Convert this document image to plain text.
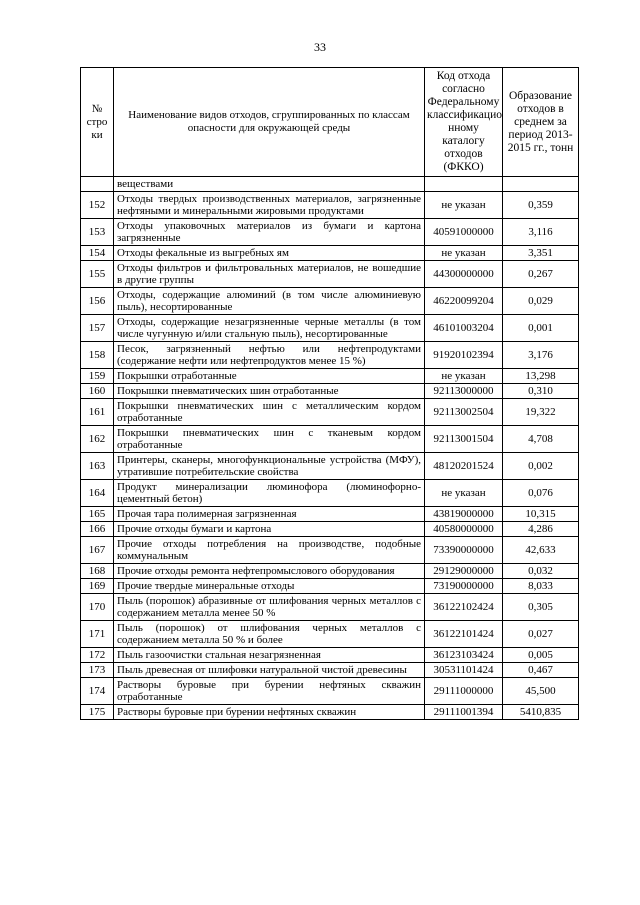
33
№ стро ки	Наименование видов отходов, сгруппированных по классам опасности для окружающей среды	Код отхода согласно Федеральному классификацио нному каталогу отходов (ФККО)	Образование отходов в среднем за период 2013-2015 гг., тонн
	веществами		
152	Отходы твердых производственных материалов, загрязненные нефтяными и минеральными жировыми продуктами	не указан	0,359
153	Отходы упаковочных материалов из бумаги и картона загрязненные	40591000000	3,116
154	Отходы фекальные из выгребных ям	не указан	3,351
155	Отходы фильтров и фильтровальных материалов, не вошедшие в другие группы	44300000000	0,267
156	Отходы, содержащие алюминий (в том числе алюминиевую пыль), несортированные	46220099204	0,029
157	Отходы, содержащие незагрязненные черные металлы (в том числе чугунную и/или стальную пыль), несортированные	46101003204	0,001
158	Песок, загрязненный нефтью или нефтепродуктами (содержание нефти или нефтепродуктов менее 15 %)	91920102394	3,176
159	Покрышки отработанные	не указан	13,298
160	Покрышки пневматических шин отработанные	92113000000	0,310
161	Покрышки пневматических шин с металлическим кордом отработанные	92113002504	19,322
162	Покрышки пневматических шин с тканевым кордом отработанные	92113001504	4,708
163	Принтеры, сканеры, многофункциональные устройства (МФУ), утратившие потребительские свойства	48120201524	0,002
164	Продукт минерализации люминофора (люминофорно-цементный бетон)	не указан	0,076
165	Прочая тара полимерная загрязненная	43819000000	10,315
166	Прочие отходы бумаги и картона	40580000000	4,286
167	Прочие отходы потребления на производстве, подобные коммунальным	73390000000	42,633
168	Прочие отходы ремонта нефтепромыслового оборудования	29129000000	0,032
169	Прочие твердые минеральные отходы	73190000000	8,033
170	Пыль (порошок) абразивные от шлифования черных металлов с содержанием металла менее 50 %	36122102424	0,305
171	Пыль (порошок) от шлифования черных металлов с содержанием металла 50 % и более	36122101424	0,027
172	Пыль газоочистки стальная незагрязненная	36123103424	0,005
173	Пыль древесная от шлифовки натуральной чистой древесины	30531101424	0,467
174	Растворы буровые при бурении нефтяных скважин отработанные	29111000000	45,500
175	Растворы буровые при бурении нефтяных скважин	29111001394	5410,835
